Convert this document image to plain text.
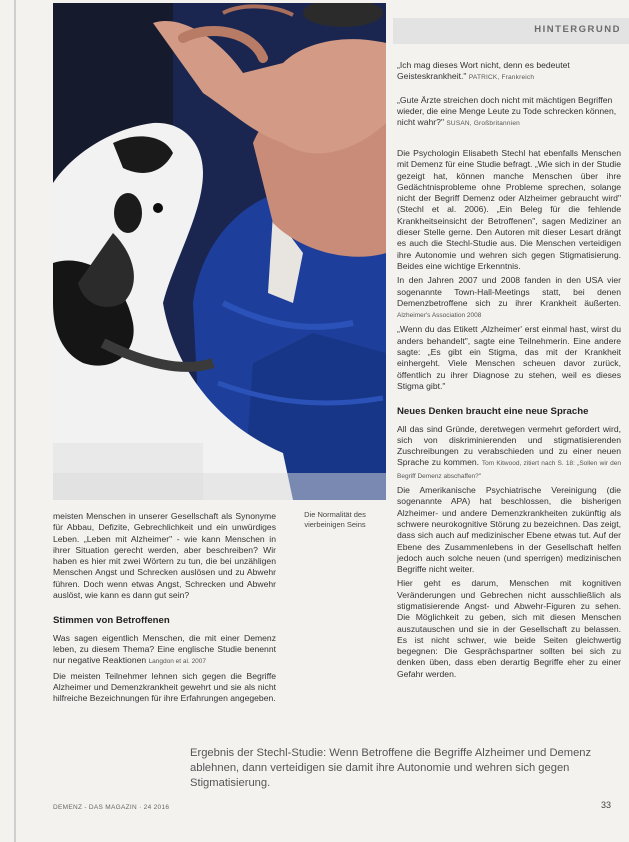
HINTERGRUND
Die Normalität des vierbeinigen Seins
„Ich mag dieses Wort nicht, denn es bedeutet Geisteskrankheit." PATRICK, Frankreich
„Gute Ärzte streichen doch nicht mit mächtigen Begriffen wieder, die eine Menge Leute zu Tode schrecken können, nicht wahr?" SUSAN, Großbritannien

Die Psychologin Elisabeth Stechl hat ebenfalls Menschen mit Demenz für eine Studie befragt. „Wie sich in der Studie gezeigt hat, können manche Menschen über ihre Gedächtnisprobleme ohne Probleme sprechen, solange nicht der Begriff Demenz oder Alzheimer gebraucht wird" (Stechl et al. 2006). „Ein Beleg für die fehlende Krankheitseinsicht der Betroffenen", sagen Mediziner an dieser Stelle gerne. Den Autoren mit dieser Lesart drängt es auch die Stechl-Studie aus. Die Menschen verteidigen ihre Autonomie und wehren sich gegen Stigmatisierung. Beides eine wichtige Erkenntnis.

In den Jahren 2007 und 2008 fanden in den USA vier sogenannte Town-Hall-Meetings statt, bei denen Demenzbetroffene sich zu ihrer Krankheit äußerten. Alzheimer's Association 2008

„Wenn du das Etikett ‚Alzheimer' erst einmal hast, wirst du anders behandelt", sagte eine Teilnehmerin. Eine andere sagte: „Es gibt ein Stigma, das mit der Krankheit einhergeht. Viele Menschen scheuen davor zurück, öffentlich zu ihrer Diagnose zu stehen, weil es dieses Stigma gibt."

Neues Denken braucht eine neue Sprache

All das sind Gründe, deretwegen vermehrt gefordert wird, sich von diskriminierenden und stigmatisierenden Zuschreibungen zu verabschieden und zu einer neuen Sprache zu kommen. Tom Kitwood, zitiert nach S. 18: „Sollen wir den Begriff Demenz abschaffen?"

Die Amerikanische Psychiatrische Vereinigung (die sogenannte APA) hat beschlossen, die bisherigen Alzheimer- und andere Demenzkrankheiten zukünftig als schwere neurokognitive Störung zu bezeichnen. Das zeigt, dass sich auch auf medizinischer Ebene etwas tut. Auf der Ebene des Zusammenlebens in der Gesellschaft helfen jedoch auch solche neuen (und sperrigen) medizinischen Begriffe nicht weiter.

Hier geht es darum, Menschen mit kognitiven Veränderungen und Gebrechen nicht ausschließlich als stigmatisierende Angst- und Abwehr-Figuren zu sehen. Die Möglichkeit zu geben, sich mit diesen Menschen auszutauschen und sie in der Gesellschaft zu belassen. Es ist nicht schwer, wie beide Seiten gleichwertig begegnen: Die Gesprächspartner sollten bei sich zu denken üben, dass eben derartig Begriffe eher zu einer Gefahr werden.

meisten Menschen in unserer Gesellschaft als Synonyme für Abbau, Defizite, Gebrechlichkeit und ein unwürdiges Leben. „Leben mit Alzheimer" - wie kann Menschen in ihrer Situation gerecht werden, aber beschreiben? Wir haben es hier mit zwei Wörtern zu tun, die bei unzähligen Menschen Angst und Schrecken auslösen und zu Abwehr führen. Doch wenn etwas Angst, Schrecken und Abwehr auslöst, wie kann es dann gut sein?

Stimmen von Betroffenen

Was sagen eigentlich Menschen, die mit einer Demenz leben, zu diesem Thema? Eine englische Studie benennt nur negative Reaktionen Langdon et al. 2007

Die meisten Teilnehmer lehnen sich gegen die Begriffe Alzheimer und Demenzkrankheit gewehrt und sie als nicht hilfreiche Bezeichnungen für ihre Erfahrungen angegeben.

Ergebnis der Stechl-Studie: Wenn Betroffene die Begriffe Alzheimer und Demenz ablehnen, dann verteidigen sie damit ihre Autonomie und wehren sich gegen Stigmatisierung.
DEMENZ - DAS MAGAZIN · 24 2016	33
